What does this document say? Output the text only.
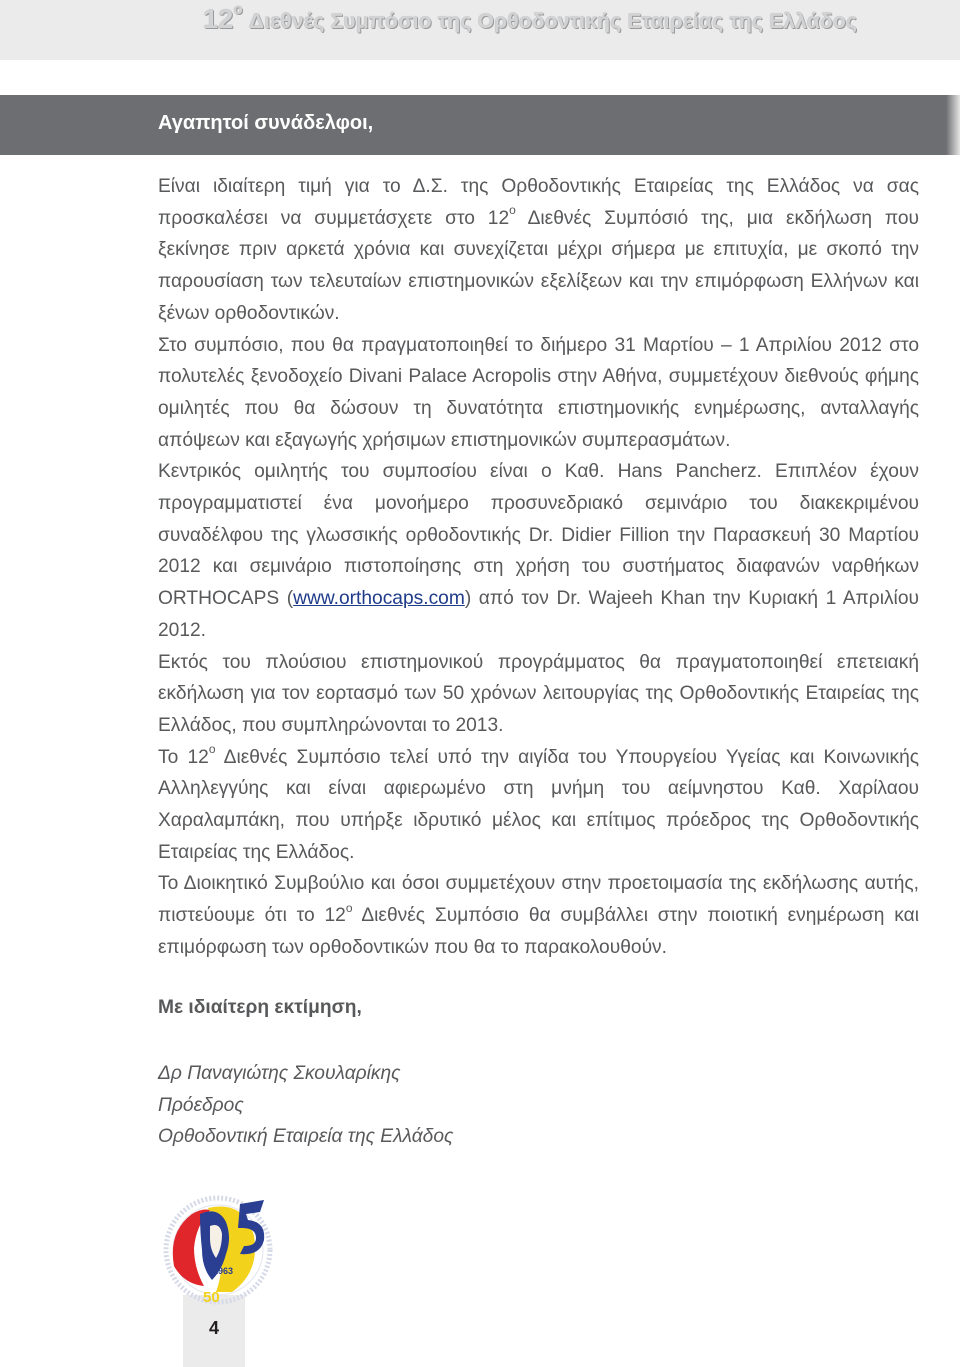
$12^o$ Διεθνές Συμπόσιο της Ορθοδοντικής Εταιρείας της Ελλάδος
Αγαπητοί συνάδελφοι,

Είναι ιδιαίτερη τιμή για το Δ.Σ. της Ορθοδοντικής Εταιρείας της Ελλάδος να σας προσκαλέσει να συμμετάσχετε στο $12^o$ Διεθνές Συμπόσιό της, μια εκδήλωση που ξεκίνησε πριν αρκετά χρόνια και συνεχίζεται μέχρι σήμερα με επιτυχία, με σκοπό την παρουσίαση των τελευταίων επιστημονικών εξελίξεων και την επιμόρφωση Ελλήνων και ξένων ορθοδοντικών.

Στο συμπόσιο, που θα πραγματοποιηθεί το διήμερο 31 Μαρτίου – 1 Απριλίου 2012 στο πολυτελές ξενοδοχείο Divani Palace Acropolis στην Αθήνα, συμμετέχουν διεθνούς φήμης ομιλητές που θα δώσουν τη δυνατότητα επιστημονικής ενημέρωσης, ανταλλαγής απόψεων και εξαγωγής χρήσιμων επιστημονικών συμπερασμάτων.

Κεντρικός ομιλητής του συμποσίου είναι ο Καθ. Hans Pancherz. Επιπλέον έχουν προγραμματιστεί ένα μονοήμερο προσυνεδριακό σεμινάριο του διακεκριμένου συναδέλφου της γλωσσικής ορθοδοντικής Dr. Didier Fillion την Παρασκευή 30 Μαρτίου 2012 και σεμινάριο πιστοποίησης στη χρήση του συστήματος διαφανών ναρθήκων ORTHOCAPS (www.orthocaps.com) από τον Dr. Wajeeh Khan την Κυριακή 1 Απριλίου 2012.

Εκτός του πλούσιου επιστημονικού προγράμματος θα πραγματοποιηθεί επετειακή εκδήλωση για τον εορτασμό των 50 χρόνων λειτουργίας της Ορθοδοντικής Εταιρείας της Ελλάδος, που συμπληρώνονται το 2013.

Το $12^o$ Διεθνές Συμπόσιο τελεί υπό την αιγίδα του Υπουργείου Υγείας και Κοινωνικής Αλληλεγγύης και είναι αφιερωμένο στη μνήμη του αείμνηστου Καθ. Χαρίλαου Χαραλαμπάκη, που υπήρξε ιδρυτικό μέλος και επίτιμος πρόεδρος της Ορθοδοντικής Εταιρείας της Ελλάδος.

Το Διοικητικό Συμβούλιο και όσοι συμμετέχουν στην προετοιμασία της εκδήλωσης αυτής, πιστεύουμε ότι το $12^o$ Διεθνές Συμπόσιο θα συμβάλλει στην ποιοτική ενημέρωση και επιμόρφωση των ορθοδοντικών που θα το παρακολουθούν.

Με ιδιαίτερη εκτίμηση,
Δρ Παναγιώτης Σκουλαρίκης
Πρόεδρος
Ορθοδοντική Εταιρεία της Ελλάδος
4
1963
50
